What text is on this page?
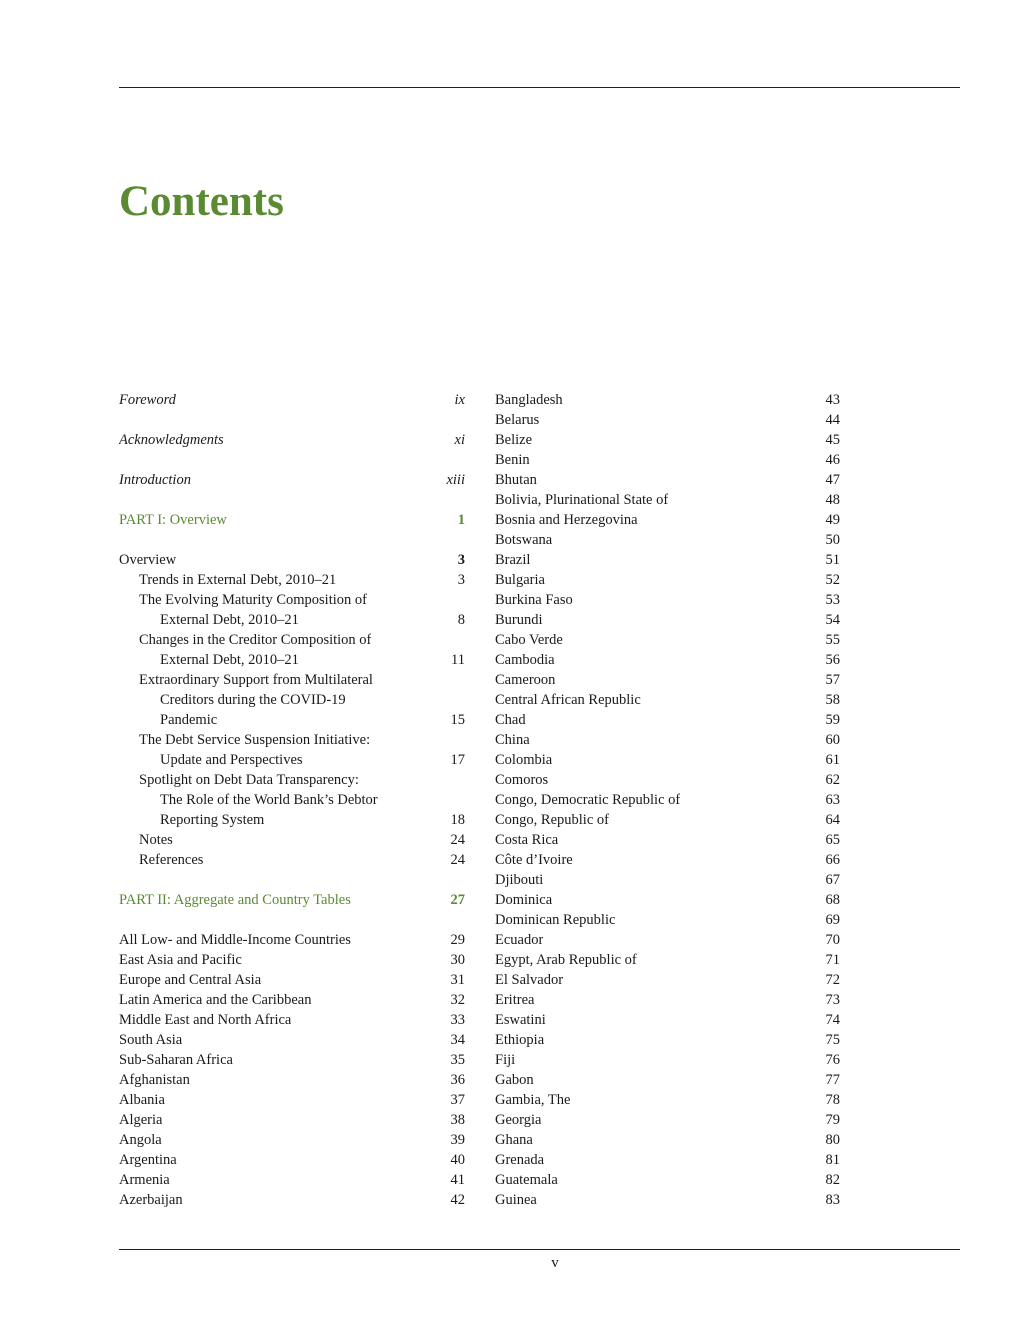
Contents
Foreword	ix
Acknowledgments	xi
Introduction	xiii
PART I: Overview	1
Overview	3
Trends in External Debt, 2010–21	3
The Evolving Maturity Composition of
External Debt, 2010–21	8
Changes in the Creditor Composition of
External Debt, 2010–21	11
Extraordinary Support from Multilateral
Creditors during the COVID-19
Pandemic	15
The Debt Service Suspension Initiative:
Update and Perspectives	17
Spotlight on Debt Data Transparency:
The Role of the World Bank’s Debtor
Reporting System	18
Notes	24
References	24
PART II: Aggregate and Country Tables	27
All Low- and Middle-Income Countries	29
East Asia and Pacific	30
Europe and Central Asia	31
Latin America and the Caribbean	32
Middle East and North Africa	33
South Asia	34
Sub-Saharan Africa	35
Afghanistan	36
Albania	37
Algeria	38
Angola	39
Argentina	40
Armenia	41
Azerbaijan	42
Bangladesh	43
Belarus	44
Belize	45
Benin	46
Bhutan	47
Bolivia, Plurinational State of	48
Bosnia and Herzegovina	49
Botswana	50
Brazil	51
Bulgaria	52
Burkina Faso	53
Burundi	54
Cabo Verde	55
Cambodia	56
Cameroon	57
Central African Republic	58
Chad	59
China	60
Colombia	61
Comoros	62
Congo, Democratic Republic of	63
Congo, Republic of	64
Costa Rica	65
Côte d’Ivoire	66
Djibouti	67
Dominica	68
Dominican Republic	69
Ecuador	70
Egypt, Arab Republic of	71
El Salvador	72
Eritrea	73
Eswatini	74
Ethiopia	75
Fiji	76
Gabon	77
Gambia, The	78
Georgia	79
Ghana	80
Grenada	81
Guatemala	82
Guinea	83
v
